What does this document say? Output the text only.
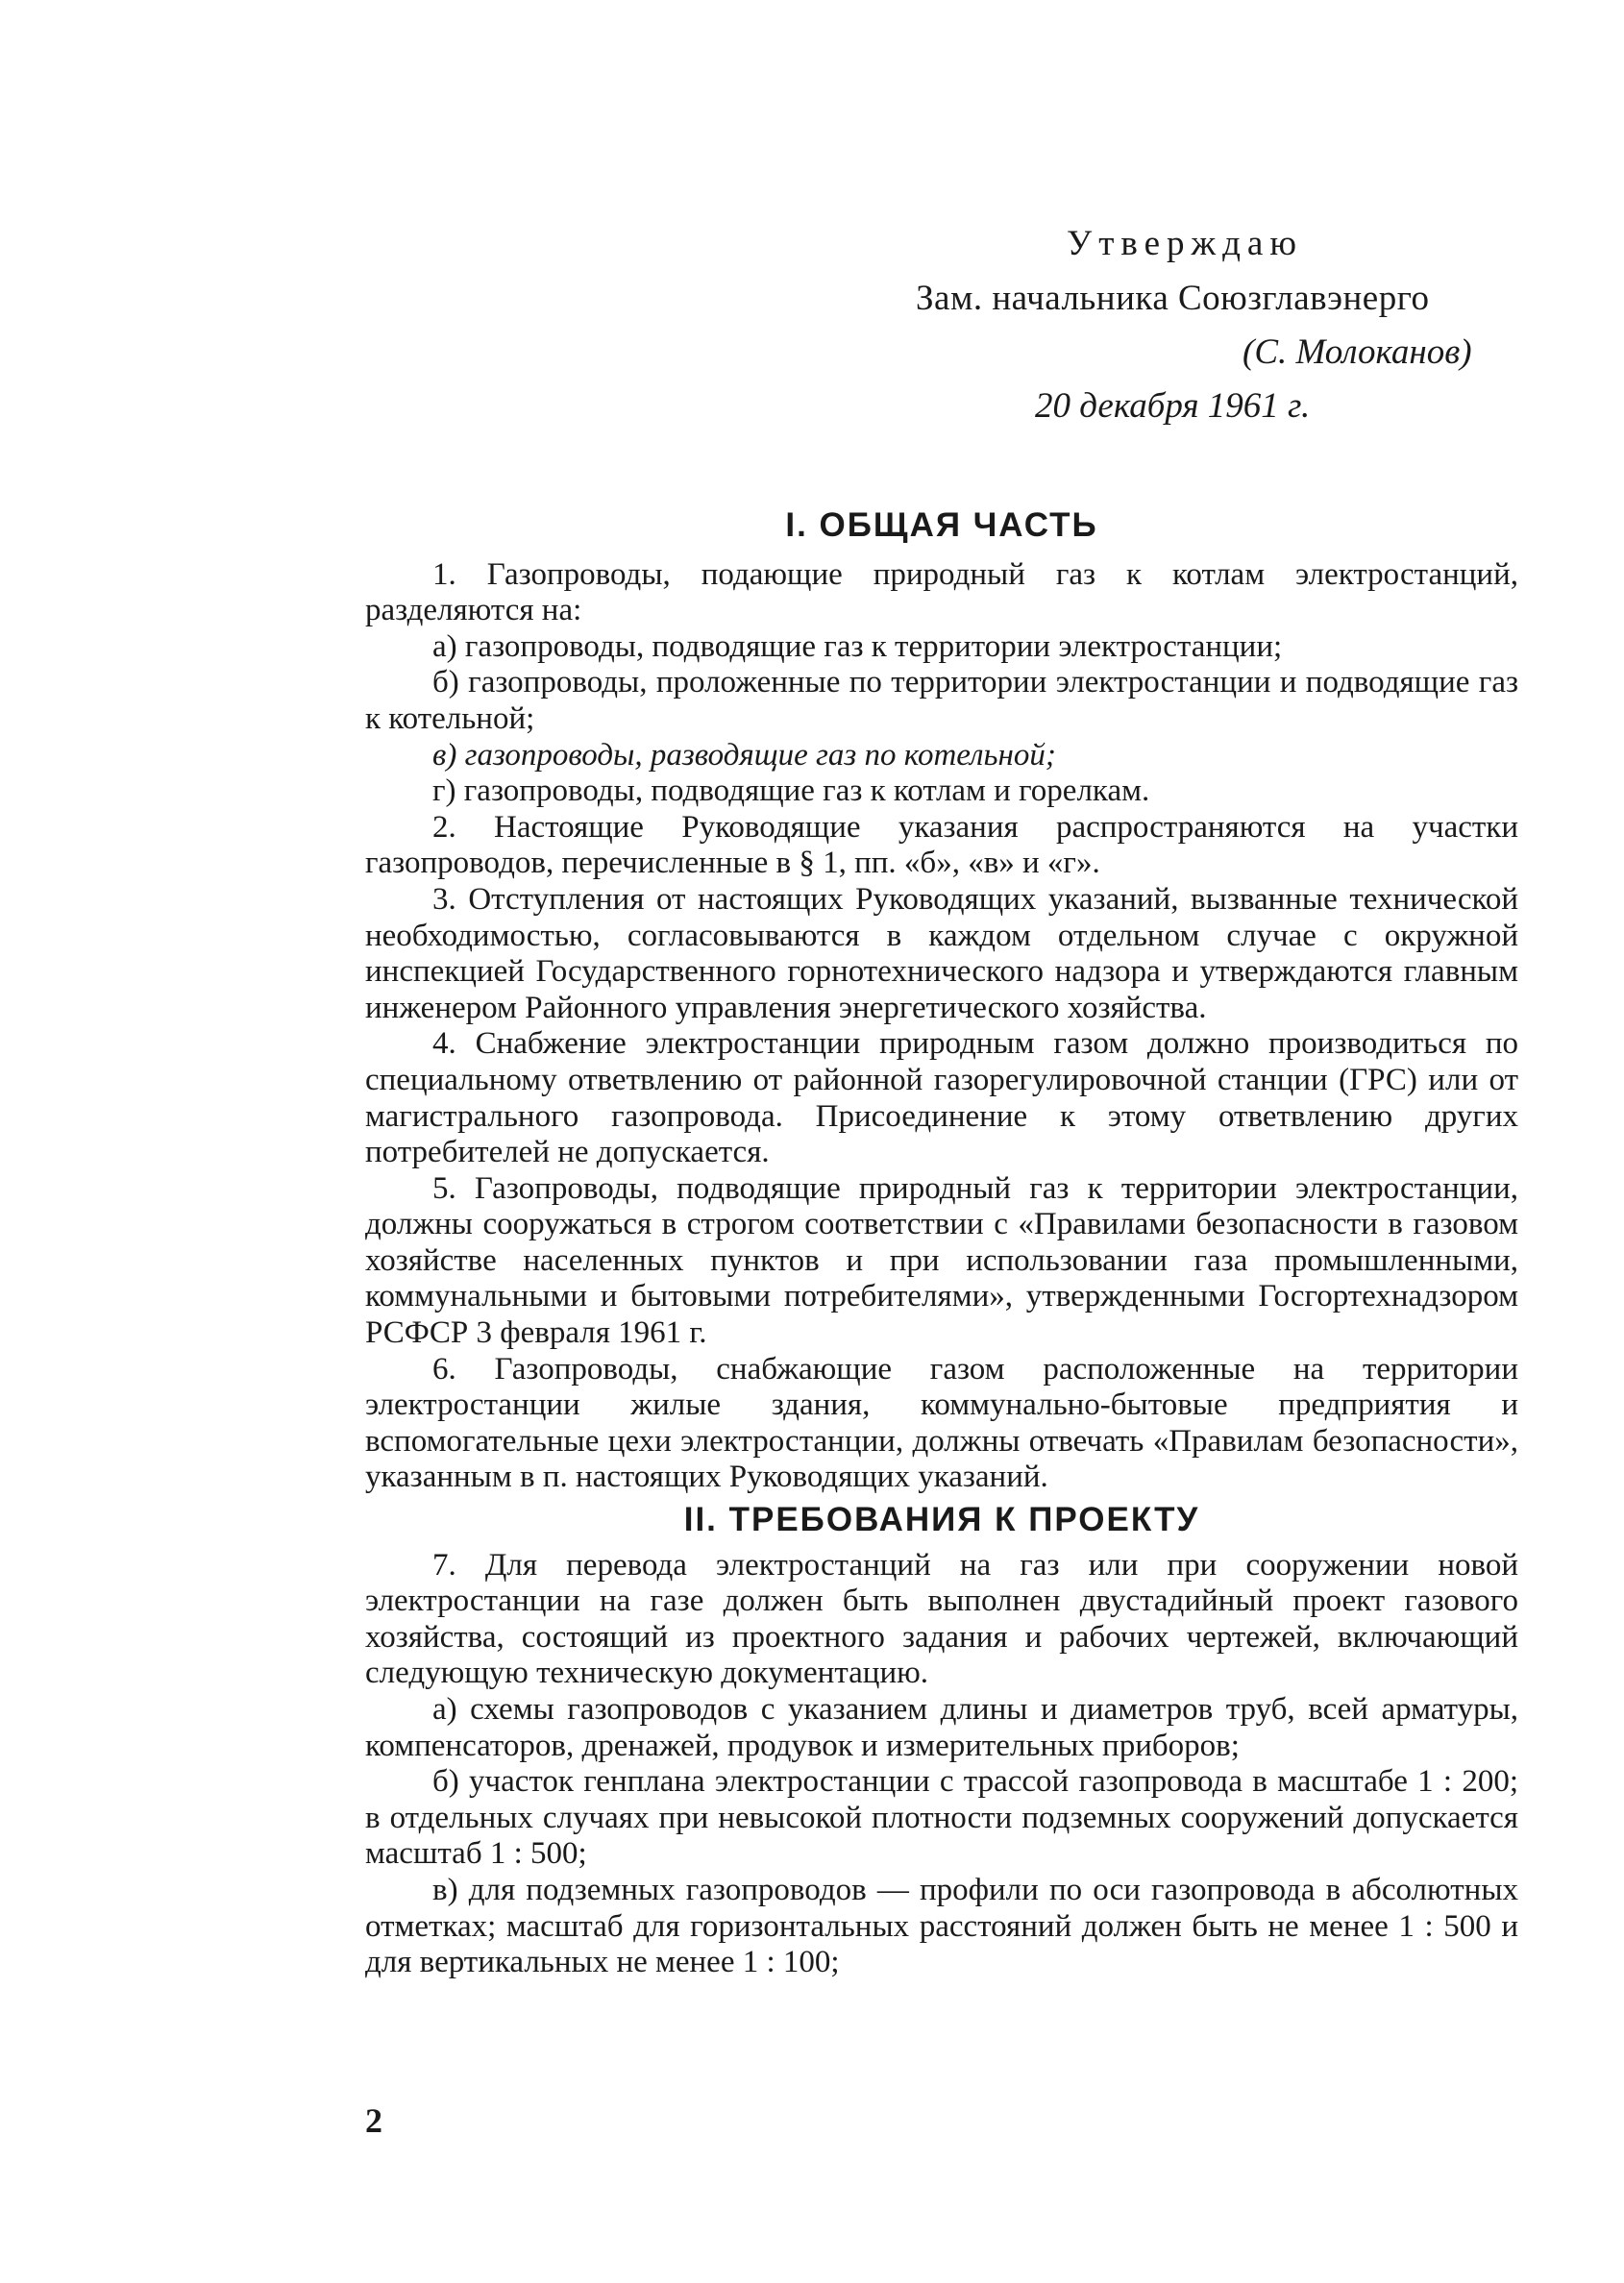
Утверждаю
Зам. начальника Союзглавэнерго
(С. Молоканов)
20 декабря 1961 г.
I. ОБЩАЯ ЧАСТЬ

1. Газопроводы, подающие природный газ к котлам электростанций, разделяются на:

а) газопроводы, подводящие газ к территории электростанции;

б) газопроводы, проложенные по территории электростанции и подводящие газ к котельной;

в) газопроводы, разводящие газ по котельной;

г) газопроводы, подводящие газ к котлам и горелкам.

2. Настоящие Руководящие указания распространяются на участки газопроводов, перечисленные в § 1, пп. «б», «в» и «г».

3. Отступления от настоящих Руководящих указаний, вызванные технической необходимостью, согласовываются в каждом отдельном случае с окружной инспекцией Государственного горнотехнического надзора и утверждаются главным инженером Районного управления энергетического хозяйства.

4. Снабжение электростанции природным газом должно производиться по специальному ответвлению от районной газорегулировочной станции (ГРС) или от магистрального газопровода. Присоединение к этому ответвлению других потребителей не допускается.

5. Газопроводы, подводящие природный газ к территории электростанции, должны сооружаться в строгом соответствии с «Правилами безопасности в газовом хозяйстве населенных пунктов и при использовании газа промышленными, коммунальными и бытовыми потребителями», утвержденными Госгортехнадзором РСФСР 3 февраля 1961 г.

6. Газопроводы, снабжающие газом расположенные на территории электростанции жилые здания, коммунально-бытовые предприятия и вспомогательные цехи электростанции, должны отвечать «Правилам безопасности», указанным в п. настоящих Руководящих указаний.

II. ТРЕБОВАНИЯ К ПРОЕКТУ

7. Для перевода электростанций на газ или при сооружении новой электростанции на газе должен быть выполнен двустадийный проект газового хозяйства, состоящий из проектного задания и рабочих чертежей, включающий следующую техническую документацию.

а) схемы газопроводов с указанием длины и диаметров труб, всей арматуры, компенсаторов, дренажей, продувок и измерительных приборов;

б) участок генплана электростанции с трассой газопровода в масштабе 1 : 200; в отдельных случаях при невысокой плотности подземных сооружений допускается масштаб 1 : 500;

в) для подземных газопроводов — профили по оси газопровода в абсолютных отметках; масштаб для горизонтальных расстояний должен быть не менее 1 : 500 и для вертикальных не менее 1 : 100;

2
